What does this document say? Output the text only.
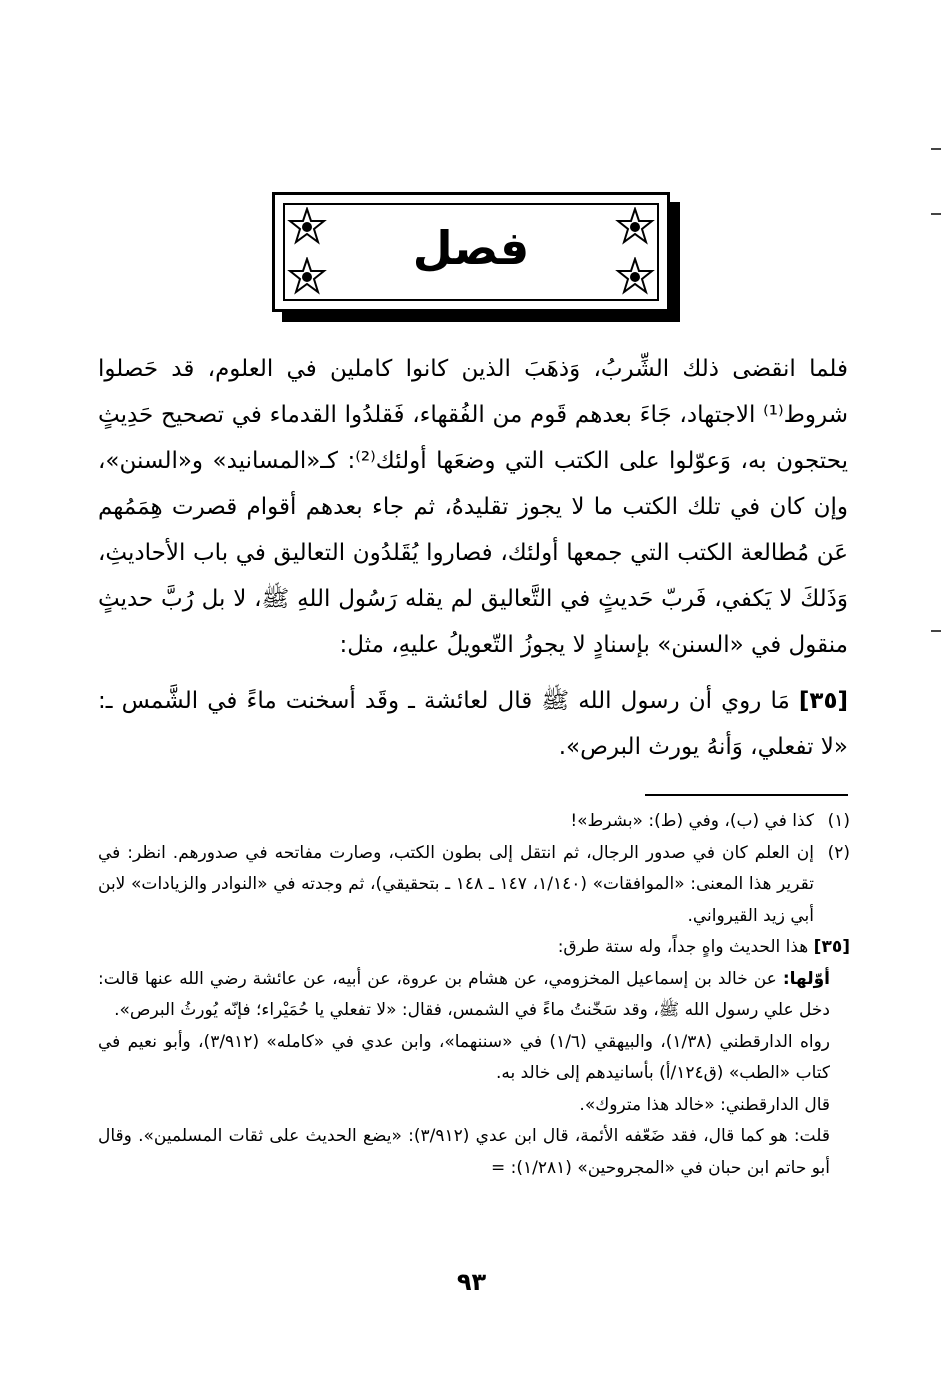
فصل

فلما انقضى ذلك الشِّربُ، وَذهَبَ الذين كانوا كاملين في العلوم، قد حَصلوا شروط⁽¹⁾ الاجتهاد، جَاءَ بعدهم قَوم من الفُقهاء، فَقلدُوا القدماء في تصحيح حَدِيثٍ يحتجون به، وَعوّلوا على الكتب التي وضعَها أولئك⁽²⁾: كـ«المسانيد» و«السنن»، وإن كان في تلك الكتب ما لا يجوز تقليدهُ، ثم جاء بعدهم أقوام قصرت هِمَمُهم عَن مُطالعة الكتب التي جمعها أولئك، فصاروا يُقَلدُون التعاليق في باب الأحاديثِ، وَذَلكَ لا يَكفي، فَربّ حَديثٍ في التَّعاليق لم يقله رَسُول اللهِ ﷺ، لا بل رُبَّ حديثٍ منقول في «السنن» بإسنادٍ لا يجوزُ التّعويلُ عليهِ، مثل:

[٣٥] مَا روي أن رسول الله ﷺ قال لعائشة ـ وقَد أسخنت ماءً في الشَّمس ـ: «لا تفعلي، وَأنهُ يورث البرص».

(١)
كذا في (ب)، وفي (ط): «بشرط»!

(٢)
إن العلم كان في صدور الرجال، ثم انتقل إلى بطون الكتب، وصارت مفاتحه في صدورهم. انظر: في تقرير هذا المعنى: «الموافقات» (١/١٤٠، ١٤٧ ـ ١٤٨ ـ بتحقيقي)، ثم وجدته في «النوادر والزيادات» لابن أبي زيد القيرواني.

[٣٥] هذا الحديث واهٍ جداً، وله ستة طرق:

أوّلها: عن خالد بن إسماعيل المخزومي، عن هشام بن عروة، عن أبيه، عن عائشة رضي الله عنها قالت: دخل علي رسول الله ﷺ، وقد سَخّنتُ ماءً في الشمس، فقال: «لا تفعلي يا حُمَيْراء؛ فإنّه يُورثُ البرص».

رواه الدارقطني (١/٣٨)، والبيهقي (١/٦) في «سننهما»، وابن عدي في «كامله» (٣/٩١٢)، وأبو نعيم في كتاب «الطب» (ق١٢٤/أ) بأسانيدهم إلى خالد به.

قال الدارقطني: «خالد هذا متروك».

قلت: هو كما قال، فقد ضَعّفه الأئمة، قال ابن عدي (٣/٩١٢): «يضع الحديث على ثقات المسلمين». وقال أبو حاتم ابن حبان في «المجروحين» (١/٢٨١): =

٩٣
